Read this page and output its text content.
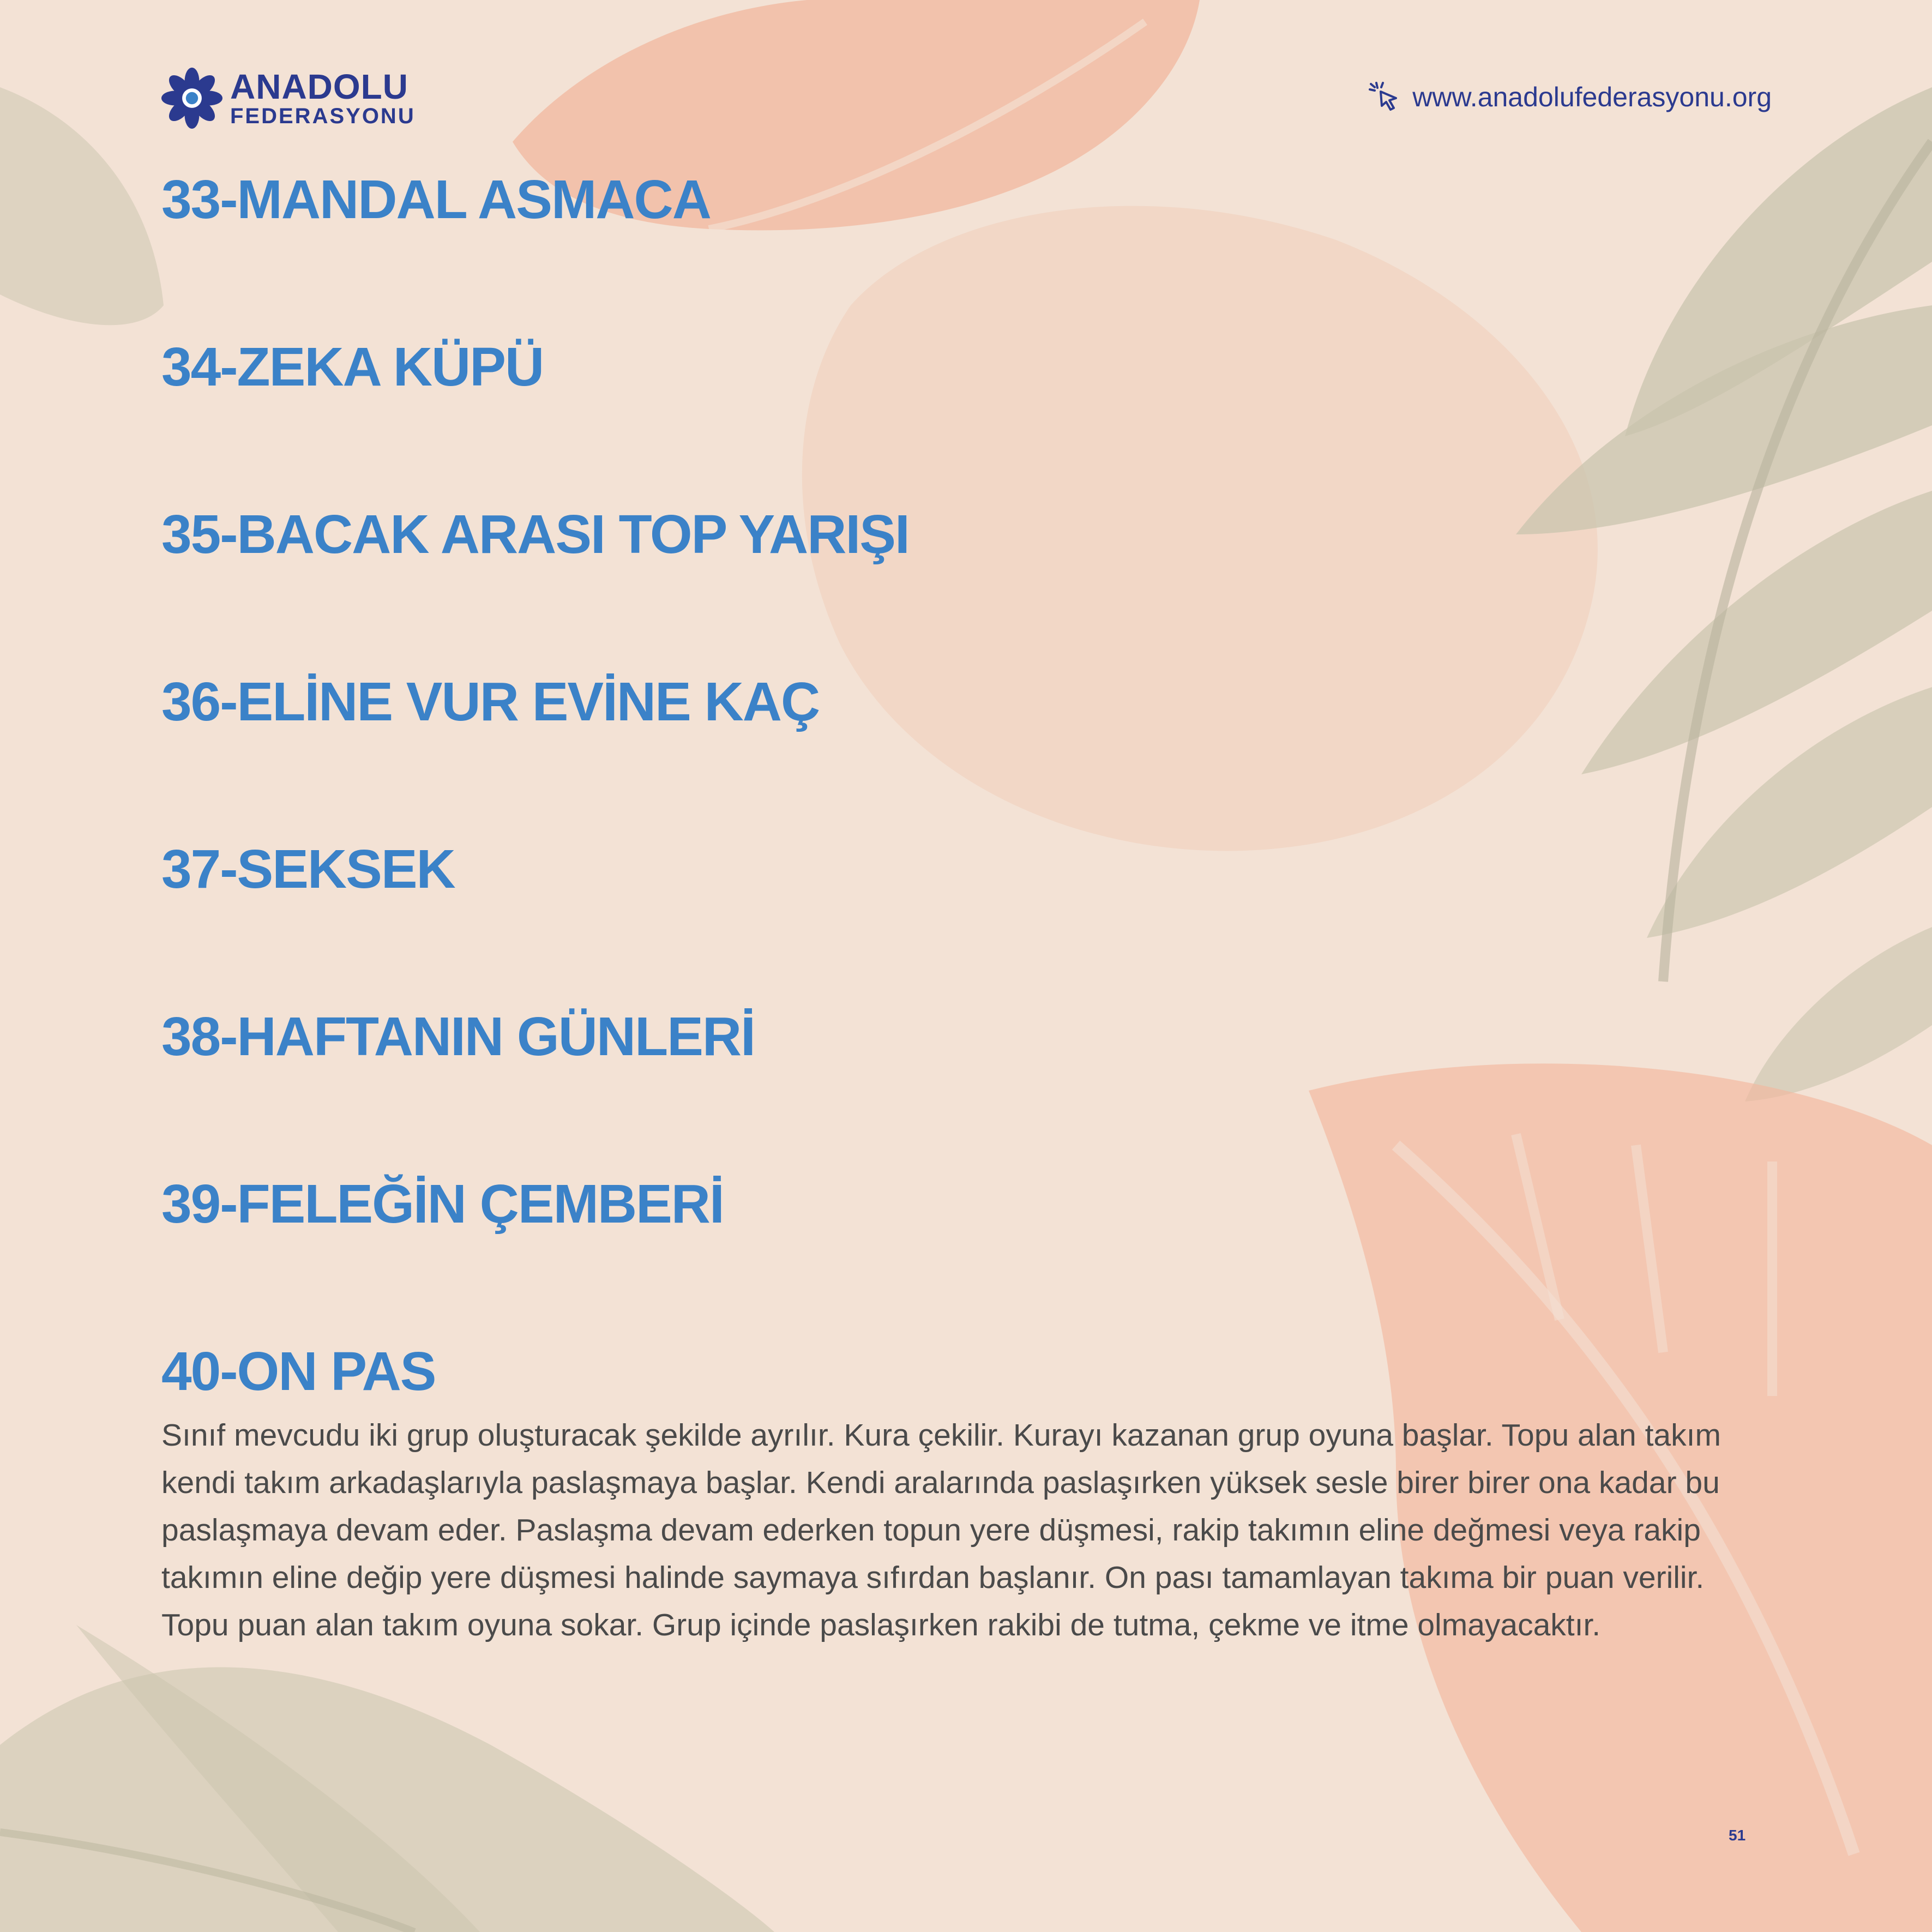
ANADOLU
FEDERASYONU
www.anadolufederasyonu.org
33-MANDAL ASMACA
34-ZEKA KÜPÜ
35-BACAK ARASI TOP YARIŞI
36-ELİNE VUR EVİNE KAÇ
37-SEKSEK
38-HAFTANIN GÜNLERİ
39-FELEĞİN ÇEMBERİ
40-ON PAS

Sınıf mevcudu iki grup oluşturacak şekilde ayrılır. Kura çekilir. Kurayı kazanan grup oyuna başlar. Topu alan takım kendi takım arkadaşlarıyla paslaşmaya başlar. Kendi aralarında paslaşırken yüksek sesle birer birer ona kadar bu paslaşmaya devam eder. Paslaşma devam ederken topun yere düşmesi, rakip takımın eline değmesi veya rakip takımın eline değip yere düşmesi halinde saymaya sıfırdan başlanır. On pası tamamlayan takıma bir puan verilir. Topu puan alan takım oyuna sokar. Grup içinde paslaşırken rakibi de tutma, çekme ve itme olmayacaktır.

51
